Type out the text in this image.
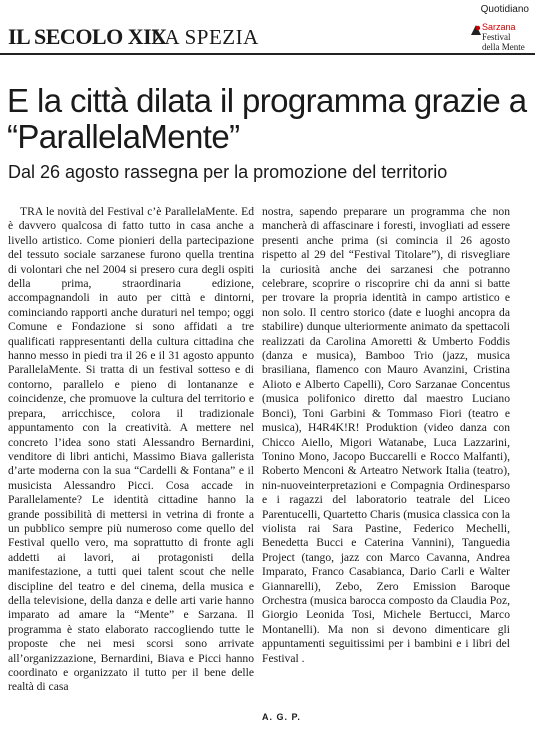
IL SECOLO XIX
LA SPEZIA
Quotidiano
Sarzana
Festival
della Mente
E la città dilata il programma grazie a “ParallelaMente”
Dal 26 agosto rassegna per la promozione del territorio

TRA le novità del Festival c’è ParallelaMente. Ed è davvero qualcosa di fatto tutto in casa anche a livello artistico. Come pionieri della partecipazione del tessuto sociale sarzanese furono quella trentina di volontari che nel 2004 si presero cura degli ospiti della prima, straordinaria edizione, accompagnandoli in auto per città e dintorni, cominciando rapporti anche duraturi nel tempo; oggi Comune e Fondazione si sono affidati a tre qualificati rappresentanti della cultura cittadina che hanno messo in piedi tra il 26 e il 31 agosto appunto ParallelaMente. Si tratta di un festival sotteso e di contorno, parallelo e pieno di lontananze e coincidenze, che promuove la cultura del territorio e prepara, arricchisce, colora il tradizionale appuntamento con la creatività. A mettere nel concreto l’idea sono stati Alessandro Bernardini, venditore di libri antichi, Massimo Biava gallerista d’arte moderna con la sua “Cardelli & Fontana” e il musicista Alessandro Picci. Cosa accade in Parallelamente? Le identità cittadine hanno la grande possibilità di mettersi in vetrina di fronte a un pubblico sempre più numeroso come quello del Festival quello vero, ma soprattutto di fronte agli addetti ai lavori, ai protagonisti della manifestazione, a tutti quei talent scout che nelle discipline del teatro e del cinema, della musica e della televisione, della danza e delle arti varie hanno imparato ad amare la “Mente” e Sarzana. Il programma è stato elaborato raccogliendo tutte le proposte che nei mesi scorsi sono arrivate all’organizzazione, Bernardini, Biava e Picci hanno coordinato e organizzato il tutto per il bene delle realtà di casa

nostra, sapendo preparare un programma che non mancherà di affascinare i foresti, invogliati ad essere presenti anche prima (si comincia il 26 agosto rispetto al 29 del “Festival Titolare”), di risvegliare la curiosità anche dei sarzanesi che potranno celebrare, scoprire o riscoprire chi da anni si batte per trovare la propria identità in campo artistico e non solo. Il centro storico (date e luoghi ancopra da stabilire) dunque ulteriormente animato da spettacoli realizzati da Carolina Amoretti & Umberto Foddis (danza e musica), Bamboo Trio (jazz, musica brasiliana, flamenco con Mauro Avanzini, Cristina Alioto e Alberto Capelli), Coro Sarzanae Concentus (musica polifonico diretto dal maestro Luciano Bonci), Toni Garbini & Tommaso Fiori (teatro e musica), H4R4K!R! Produktion (video danza con Chicco Aiello, Migori Watanabe, Luca Lazzarini, Tonino Mono, Jacopo Buccarelli e Rocco Malfanti), Roberto Menconi & Arteatro Network Italia (teatro), nin-nuoveinterpretazioni e Compagnia Ordinesparso e i ragazzi del laboratorio teatrale del Liceo Parentucelli, Quartetto Charis (musica classica con la violista rai Sara Pastine, Federico Mechelli, Benedetta Bucci e Caterina Vannini), Tanguedia Project (tango, jazz con Marco Cavanna, Andrea Imparato, Franco Casabianca, Dario Carli e Walter Giannarelli), Zebo, Zero Emission Baroque Orchestra (musica barocca composto da Claudia Poz, Giorgio Leonida Tosi, Michele Bertucci, Marco Montanelli). Ma non si devono dimenticare gli appuntamenti seguitissimi per i bambini e i libri del Festival .

A. G. P.
